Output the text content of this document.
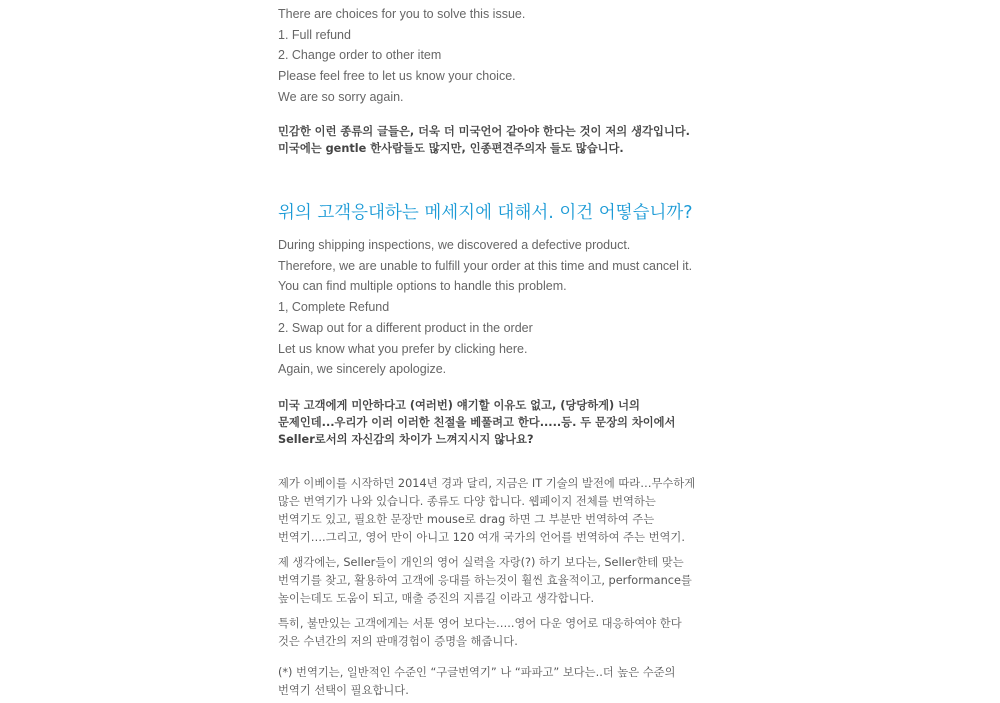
There are choices for you to solve this issue.

1. Full refund

2. Change order to other item

Please feel free to let us know your choice.

We are so sorry again.

민감한 이런 종류의 글들은, 더욱 더 미국언어 같아야 한다는 것이 저의 생각입니다.

미국에는 gentle 한사람들도 많지만, 인종편견주의자 들도 많습니다.

위의 고객응대하는 메세지에 대해서. 이건 어떻습니까?

During shipping inspections, we discovered a defective product.

Therefore, we are unable to fulfill your order at this time and must cancel it.

You can find multiple options to handle this problem.

1, Complete Refund

2. Swap out for a different product in the order

Let us know what you prefer by clicking here.

Again, we sincerely apologize.

미국 고객에게 미안하다고 (여러번) 얘기할 이유도 없고, (당당하게) 너의

문제인데...우리가 이러 이러한 친절을 베풀려고 한다.....등. 두 문장의 차이에서

Seller로서의 자신감의 차이가 느껴지시지 않나요?

제가 이베이를 시작하던 2014년 경과 달리, 지금은 IT 기술의 발전에 따라…무수하게

많은 번역기가 나와 있습니다. 종류도 다양 합니다. 웹페이지 전체를 번역하는

번역기도 있고, 필요한 문장만 mouse로 drag 하면 그 부분만 번역하여 주는

번역기….그리고, 영어 만이 아니고 120 여개 국가의 언어를 번역하여 주는 번역기.

제 생각에는, Seller들이 개인의 영어 실력을 자랑(?) 하기 보다는, Seller한테 맞는

번역기를 찾고, 활용하여 고객에 응대를 하는것이 훨씬 효율적이고, performance를

높이는데도 도움이 되고, 매출 증진의 지름길 이라고 생각합니다.

특히, 불만있는 고객에게는 서툰 영어 보다는…..영어 다운 영어로 대응하여야 한다

것은 수년간의 저의 판매경험이 증명을 해줍니다.

(*) 번역기는, 일반적인 수준인 “구글번역기” 나 “파파고” 보다는..더 높은 수준의

번역기 선택이 필요합니다.
